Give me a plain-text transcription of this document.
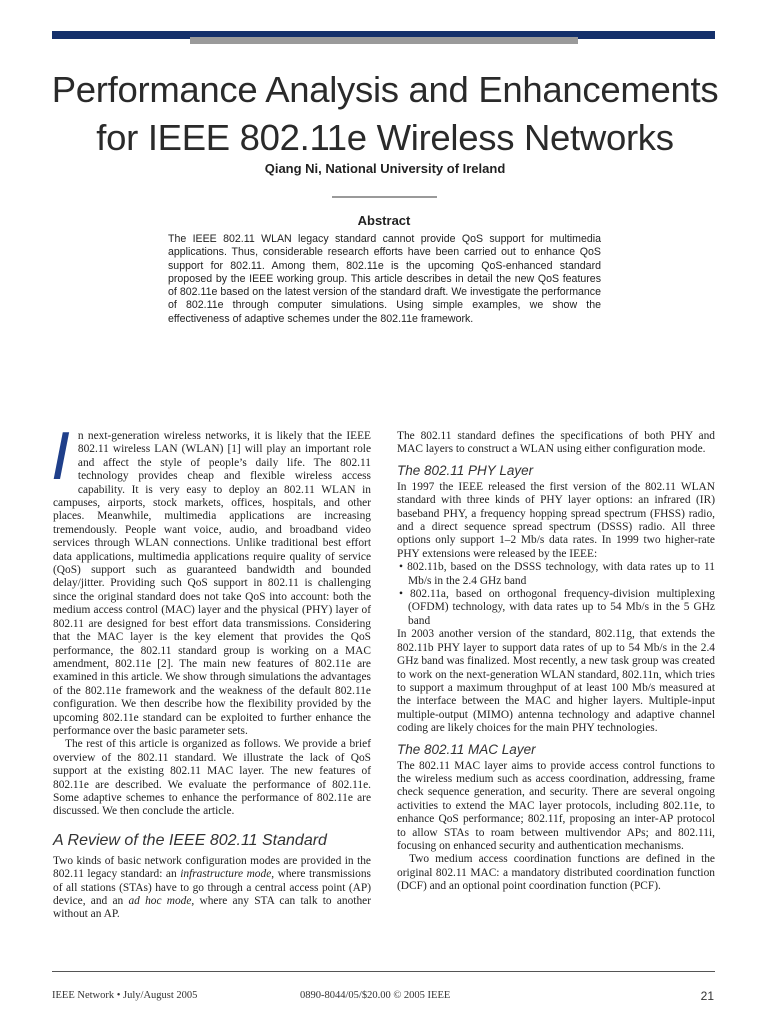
Performance Analysis and Enhancements
for IEEE 802.11e Wireless Networks
Qiang Ni, National University of Ireland
Abstract
The IEEE 802.11 WLAN legacy standard cannot provide QoS support for multimedia applications. Thus, considerable research efforts have been carried out to enhance QoS support for 802.11. Among them, 802.11e is the upcoming QoS-enhanced standard proposed by the IEEE working group. This article describes in detail the new QoS features of 802.11e based on the latest version of the standard draft. We investigate the performance of 802.11e through computer simulations. Using simple examples, we show the effectiveness of adaptive schemes under the 802.11e framework.

In next-generation wireless networks, it is likely that the IEEE 802.11 wireless LAN (WLAN) [1] will play an important role and affect the style of people’s daily life. The 802.11 technology provides cheap and flexible wireless access capability. It is very easy to deploy an 802.11 WLAN in campuses, airports, stock markets, offices, hospitals, and other places. Meanwhile, multimedia applications are increasing tremendously. People want voice, audio, and broadband video services through WLAN connections. Unlike traditional best effort data applications, multimedia applications require quality of service (QoS) support such as guaranteed bandwidth and bounded delay/jitter. Providing such QoS support in 802.11 is challenging since the original standard does not take QoS into account: both the medium access control (MAC) layer and the physical (PHY) layer of 802.11 are designed for best effort data transmissions. Considering that the MAC layer is the key element that provides the QoS performance, the 802.11 standard group is working on a MAC amendment, 802.11e [2]. The main new features of 802.11e are examined in this article. We show through simulations the advantages of the 802.11e framework and the weakness of the default 802.11e configuration. We then describe how the flexibility provided by the upcoming 802.11e standard can be exploited to further enhance the performance over the basic parameter sets.

The rest of this article is organized as follows. We provide a brief overview of the 802.11 standard. We illustrate the lack of QoS support at the existing 802.11 MAC layer. The new features of 802.11e are described. We evaluate the performance of 802.11e. Some adaptive schemes to enhance the performance of 802.11e are discussed. We then conclude the article.

A Review of the IEEE 802.11 Standard

Two kinds of basic network configuration modes are provided in the 802.11 legacy standard: an infrastructure mode, where transmissions of all stations (STAs) have to go through a central access point (AP) device, and an ad hoc mode, where any STA can talk to another without an AP.

The 802.11 standard defines the specifications of both PHY and MAC layers to construct a WLAN using either configuration mode.

The 802.11 PHY Layer

In 1997 the IEEE released the first version of the 802.11 WLAN standard with three kinds of PHY layer options: an infrared (IR) baseband PHY, a frequency hopping spread spectrum (FHSS) radio, and a direct sequence spread spectrum (DSSS) radio. All three options only support 1–2 Mb/s data rates. In 1999 two higher-rate PHY extensions were released by the IEEE:

• 802.11b, based on the DSSS technology, with data rates up to 11 Mb/s in the 2.4 GHz band

• 802.11a, based on orthogonal frequency-division multiplexing (OFDM) technology, with data rates up to 54 Mb/s in the 5 GHz band

In 2003 another version of the standard, 802.11g, that extends the 802.11b PHY layer to support data rates of up to 54 Mb/s in the 2.4 GHz band was finalized. Most recently, a new task group was created to work on the next-generation WLAN standard, 802.11n, which tries to support a maximum throughput of at least 100 Mb/s measured at the interface between the MAC and higher layers. Multiple-input multiple-output (MIMO) antenna technology and adaptive channel coding are likely choices for the main PHY technologies.

The 802.11 MAC Layer

The 802.11 MAC layer aims to provide access control functions to the wireless medium such as access coordination, addressing, frame check sequence generation, and security. There are several ongoing activities to extend the MAC layer protocols, including 802.11e, to enhance QoS performance; 802.11f, proposing an inter-AP protocol to allow STAs to roam between multivendor APs; and 802.11i, focusing on enhanced security and authentication mechanisms.

Two medium access coordination functions are defined in the original 802.11 MAC: a mandatory distributed coordination function (DCF) and an optional point coordination function (PCF).

IEEE Network • July/August 2005	0890-8044/05/$20.00 © 2005 IEEE	21
